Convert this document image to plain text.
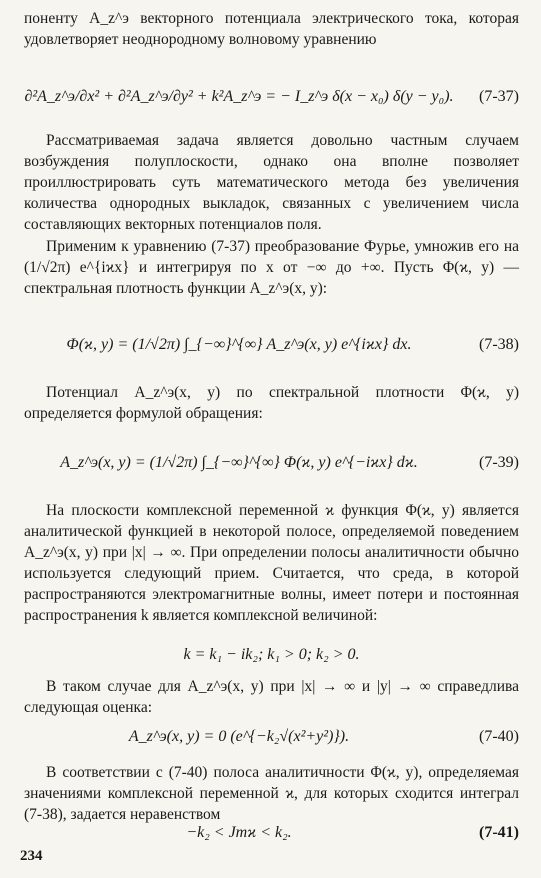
поненту A_z^э векторного потенциала электрического тока, которая удовлетворяет неоднородному волновому уравнению

∂²A_z^э/∂x² + ∂²A_z^э/∂y² + k²A_z^э = − I_z^э δ(x − x₀) δ(y − y₀). (7-37)

Рассматриваемая задача является довольно частным случаем возбуждения полуплоскости, однако она вполне позволяет проиллюстрировать суть математического метода без увеличения количества однородных выкладок, связанных с увеличением числа составляющих векторных потенциалов поля.

Применим к уравнению (7-37) преобразование Фурье, умножив его на (1/√2π) e^{iϰx} и интегрируя по x от −∞ до +∞. Пусть Φ(ϰ, y) — спектральная плотность функции A_z^э(x, y):

Φ(ϰ, y) = (1/√2π) ∫_{−∞}^{∞} A_z^э(x, y) e^{iϰx} dx.	(7-38)

Потенциал A_z^э(x, y) по спектральной плотности Φ(ϰ, y) определяется формулой обращения:

A_z^э(x, y) = (1/√2π) ∫_{−∞}^{∞} Φ(ϰ, y) e^{−iϰx} dϰ.	(7-39)

На плоскости комплексной переменной ϰ функция Φ(ϰ, y) является аналитической функцией в некоторой полосе, определяемой поведением A_z^э(x, y) при |x| → ∞. При определении полосы аналитичности обычно используется следующий прием. Считается, что среда, в которой распространяются электромагнитные волны, имеет потери и постоянная распространения k является комплексной величиной:

k = k₁ − ik₂; k₁ > 0; k₂ > 0.

В таком случае для A_z^э(x, y) при |x| → ∞ и |y| → ∞ справедлива следующая оценка:

A_z^э(x, y) = 0 (e^{−k₂√(x²+y²)}).	(7-40)

В соответствии с (7-40) полоса аналитичности Φ(ϰ, y), определяемая значениями комплексной переменной ϰ, для которых сходится интеграл (7-38), задается неравенством

−k₂ < Jmϰ < k₂.	(7-41)
234
